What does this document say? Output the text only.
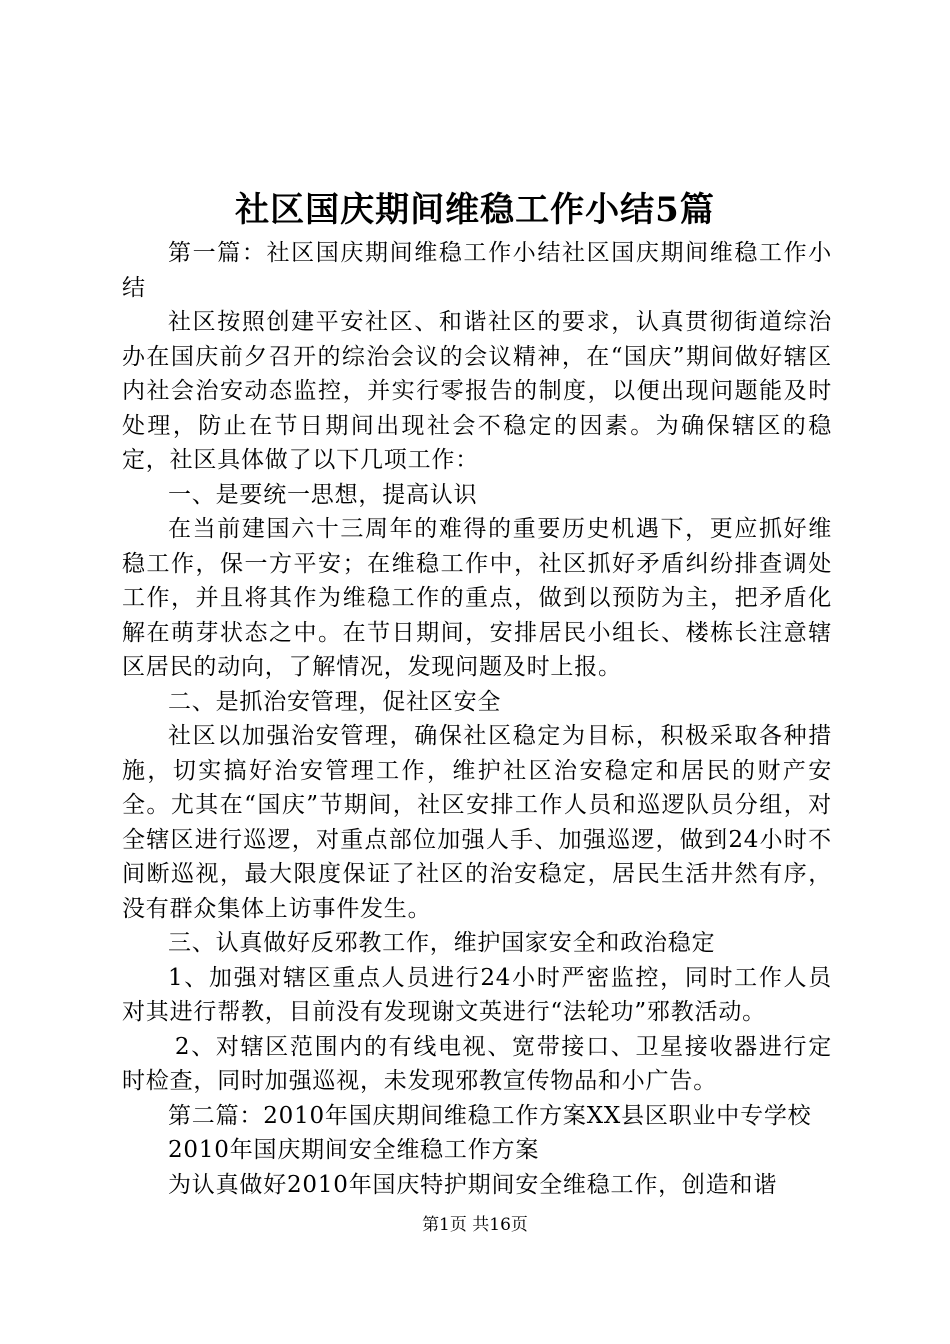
社区国庆期间维稳工作小结5篇

第一篇：社区国庆期间维稳工作小结社区国庆期间维稳工作小结

社区按照创建平安社区、和谐社区的要求，认真贯彻街道综治办在国庆前夕召开的综治会议的会议精神，在“国庆”期间做好辖区内社会治安动态监控，并实行零报告的制度，以便出现问题能及时处理，防止在节日期间出现社会不稳定的因素。为确保辖区的稳定，社区具体做了以下几项工作：

一、是要统一思想，提高认识

在当前建国六十三周年的难得的重要历史机遇下，更应抓好维稳工作，保一方平安；在维稳工作中，社区抓好矛盾纠纷排查调处工作，并且将其作为维稳工作的重点，做到以预防为主，把矛盾化解在萌芽状态之中。在节日期间，安排居民小组长、楼栋长注意辖区居民的动向，了解情况，发现问题及时上报。

二、是抓治安管理，促社区安全

社区以加强治安管理，确保社区稳定为目标，积极采取各种措施，切实搞好治安管理工作，维护社区治安稳定和居民的财产安全。尤其在“国庆”节期间，社区安排工作人员和巡逻队员分组，对全辖区进行巡逻，对重点部位加强人手、加强巡逻，做到24小时不间断巡视，最大限度保证了社区的治安稳定，居民生活井然有序，没有群众集体上访事件发生。

三、认真做好反邪教工作，维护国家安全和政治稳定

1、加强对辖区重点人员进行24小时严密监控，同时工作人员对其进行帮教，目前没有发现谢文英进行“法轮功”邪教活动。

2、对辖区范围内的有线电视、宽带接口、卫星接收器进行定时检查，同时加强巡视，未发现邪教宣传物品和小广告。

第二篇：2010年国庆期间维稳工作方案XX县区职业中专学校

2010年国庆期间安全维稳工作方案

为认真做好2010年国庆特护期间安全维稳工作，创造和谐

第1页 共16页
